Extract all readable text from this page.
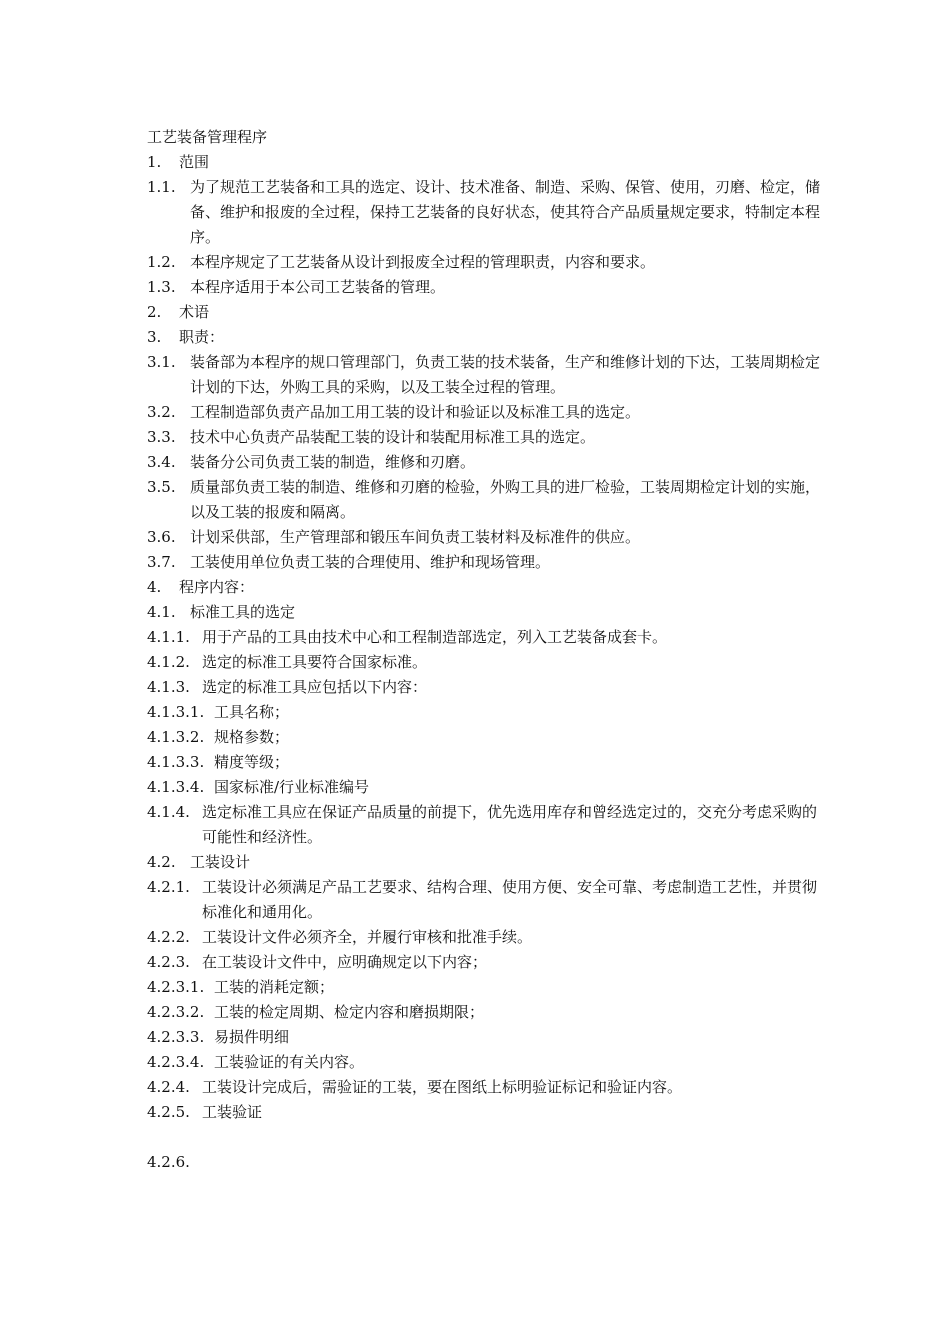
工艺装备管理程序
1.	范围
1.1. 为了规范工艺装备和工具的选定、设计、技术准备、制造、采购、保管、使用，刃磨、检定，储备、维护和报废的全过程，保持工艺装备的良好状态，使其符合产品质量规定要求，特制定本程序。
1.2. 本程序规定了工艺装备从设计到报废全过程的管理职责，内容和要求。
1.3. 本程序适用于本公司工艺装备的管理。
2.	术语
3.	职责：
3.1. 装备部为本程序的规口管理部门，负责工装的技术装备，生产和维修计划的下达，工装周期检定计划的下达，外购工具的采购，以及工装全过程的管理。
3.2. 工程制造部负责产品加工用工装的设计和验证以及标准工具的选定。
3.3. 技术中心负责产品装配工装的设计和装配用标准工具的选定。
3.4. 装备分公司负责工装的制造，维修和刃磨。
3.5. 质量部负责工装的制造、维修和刃磨的检验，外购工具的进厂检验，工装周期检定计划的实施，以及工装的报废和隔离。
3.6. 计划采供部，生产管理部和锻压车间负责工装材料及标准件的供应。
3.7. 工装使用单位负责工装的合理使用、维护和现场管理。
4.	程序内容：
4.1. 标准工具的选定
4.1.1. 用于产品的工具由技术中心和工程制造部选定，列入工艺装备成套卡。
4.1.2. 选定的标准工具要符合国家标准。
4.1.3. 选定的标准工具应包括以下内容：
4.1.3.1. 工具名称；
4.1.3.2. 规格参数；
4.1.3.3. 精度等级；
4.1.3.4. 国家标准/行业标准编号
4.1.4. 选定标准工具应在保证产品质量的前提下，优先选用库存和曾经选定过的，交充分考虑采购的可能性和经济性。
4.2. 工装设计
4.2.1. 工装设计必须满足产品工艺要求、结构合理、使用方便、安全可靠、考虑制造工艺性，并贯彻标准化和通用化。
4.2.2. 工装设计文件必须齐全，并履行审核和批准手续。
4.2.3. 在工装设计文件中，应明确规定以下内容；
4.2.3.1. 工装的消耗定额；
4.2.3.2. 工装的检定周期、检定内容和磨损期限；
4.2.3.3. 易损件明细
4.2.3.4. 工装验证的有关内容。
4.2.4. 工装设计完成后，需验证的工装，要在图纸上标明验证标记和验证内容。
4.2.5. 工装验证
4.2.6.
